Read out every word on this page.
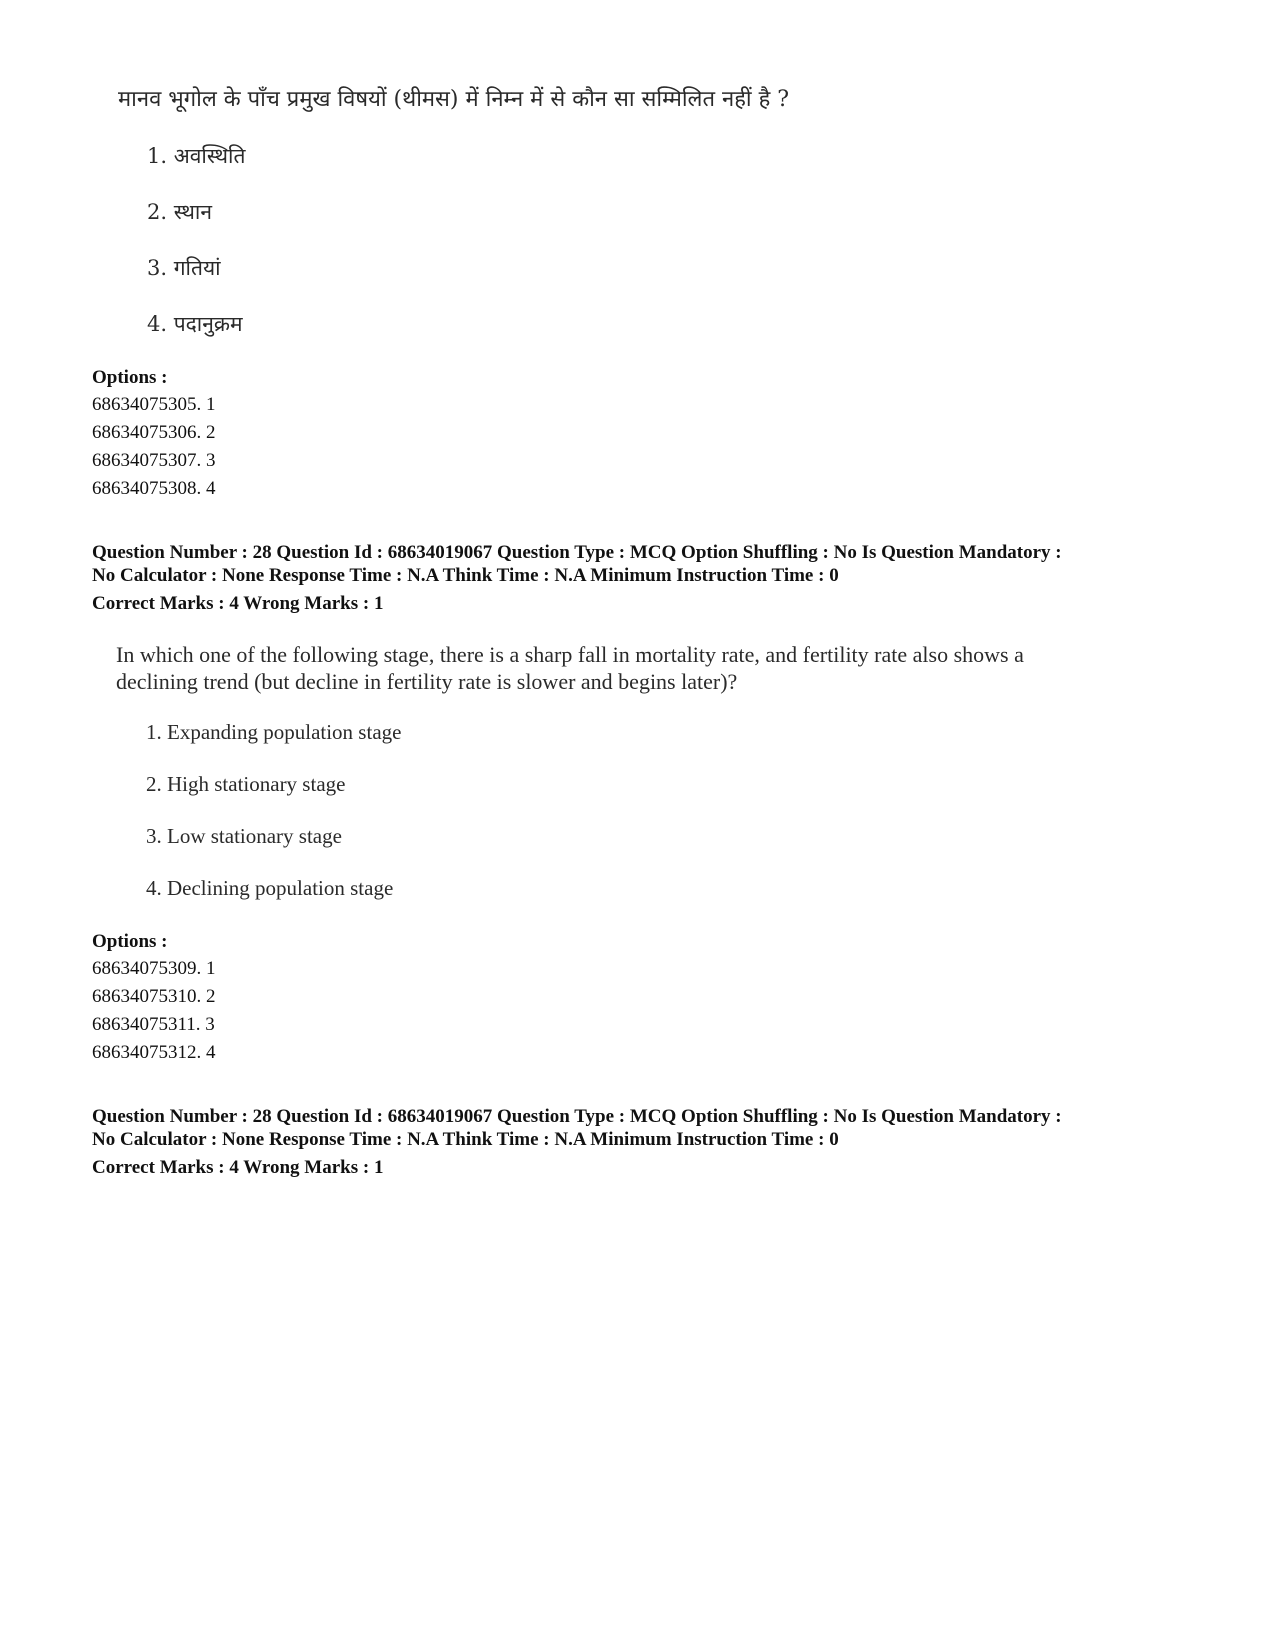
मानव भूगोल के पाँच प्रमुख विषयों (थीमस) में निम्न में से कौन सा सम्मिलित नहीं है ?
1. अवस्थिति
2. स्थान
3. गतियां
4. पदानुक्रम
Options :
68634075305. 1
68634075306. 2
68634075307. 3
68634075308. 4
Question Number : 28 Question Id : 68634019067 Question Type : MCQ Option Shuffling : No Is Question Mandatory :
No Calculator : None Response Time : N.A Think Time : N.A Minimum Instruction Time : 0
Correct Marks : 4 Wrong Marks : 1
In which one of the following stage, there is a sharp fall in mortality rate, and fertility rate also shows a
declining trend (but decline in fertility rate is slower and begins later)?
1. Expanding population stage
2. High stationary stage
3. Low stationary stage
4. Declining population stage
Options :
68634075309. 1
68634075310. 2
68634075311. 3
68634075312. 4
Question Number : 28 Question Id : 68634019067 Question Type : MCQ Option Shuffling : No Is Question Mandatory :
No Calculator : None Response Time : N.A Think Time : N.A Minimum Instruction Time : 0
Correct Marks : 4 Wrong Marks : 1
